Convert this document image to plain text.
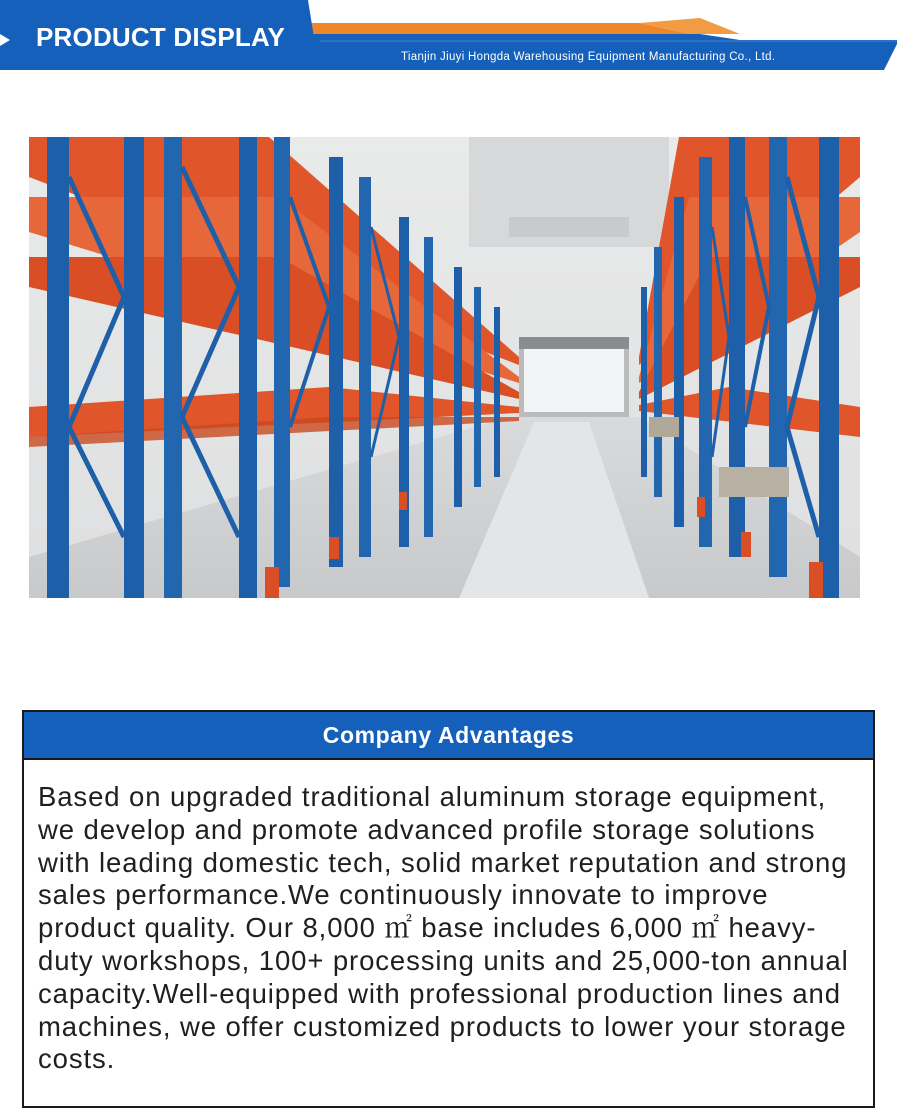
PRODUCT DISPLAY
Tianjin Jiuyi Hongda Warehousing Equipment Manufacturing Co., Ltd.
Company Advantages

Based on upgraded traditional aluminum storage equipment, we develop and promote advanced profile storage solutions with leading domestic tech, solid market reputation and strong sales performance.We continuously innovate to improve product quality. Our 8,000 ㎡ base includes 6,000 ㎡ heavy-duty workshops, 100+ processing units and 25,000-ton annual capacity.Well-equipped with professional production lines and machines, we offer customized products to lower your storage costs.
